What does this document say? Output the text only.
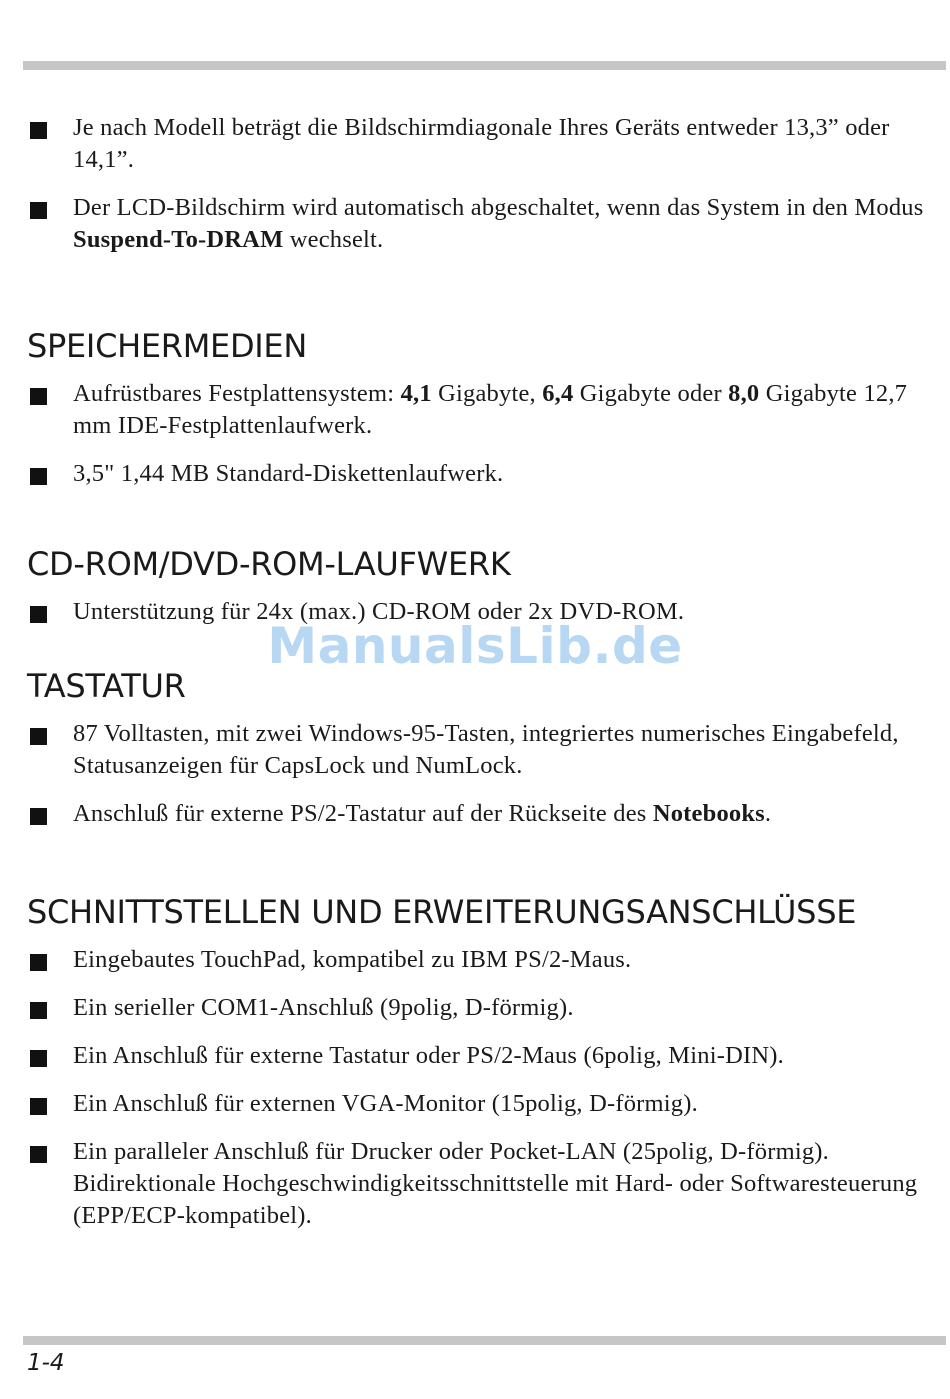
Je nach Modell beträgt die Bildschirmdiagonale Ihres Geräts entweder 13,3” oder 14,1”.
Der LCD-Bildschirm wird automatisch abgeschaltet, wenn das System in den Modus Suspend-To-DRAM wechselt.
SPEICHERMEDIEN
Aufrüstbares Festplattensystem: 4,1 Gigabyte, 6,4 Gigabyte oder 8,0 Gigabyte 12,7 mm IDE-Festplattenlaufwerk.
3,5" 1,44 MB Standard-Diskettenlaufwerk.
CD-ROM/DVD-ROM-LAUFWERK
Unterstützung für 24x (max.) CD-ROM oder 2x DVD-ROM.
TASTATUR
87 Volltasten, mit zwei Windows-95-Tasten, integriertes numerisches Eingabefeld, Statusanzeigen für CapsLock und NumLock.
Anschluß für externe PS/2-Tastatur auf der Rückseite des Notebooks.
SCHNITTSTELLEN UND ERWEITERUNGSANSCHLÜSSE
Eingebautes TouchPad, kompatibel zu IBM PS/2-Maus.
Ein serieller COM1-Anschluß (9polig, D-förmig).
Ein Anschluß für externe Tastatur oder PS/2-Maus (6polig, Mini-DIN).
Ein Anschluß für externen VGA-Monitor (15polig, D-förmig).
Ein paralleler Anschluß für Drucker oder Pocket-LAN (25polig, D-förmig). Bidirektionale Hochgeschwindigkeitsschnittstelle mit Hard- oder Softwaresteuerung (EPP/ECP-kompatibel).
ManualsLib.de
1-4
